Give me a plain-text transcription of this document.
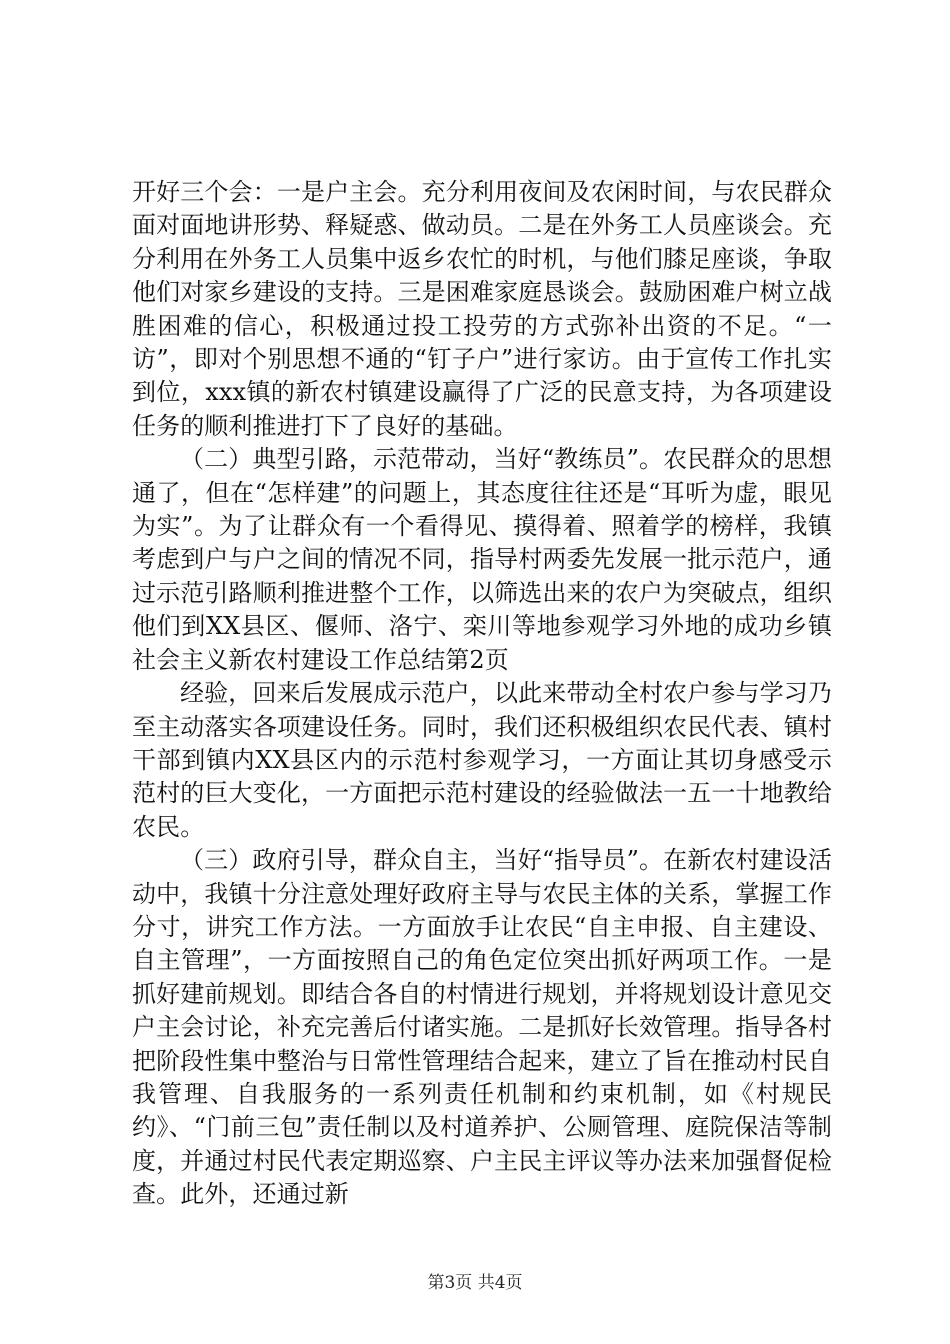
开好三个会：一是户主会。充分利用夜间及农闲时间，与农民群众面对面地讲形势、释疑惑、做动员。二是在外务工人员座谈会。充分利用在外务工人员集中返乡农忙的时机，与他们膝足座谈，争取他们对家乡建设的支持。三是困难家庭恳谈会。鼓励困难户树立战胜困难的信心，积极通过投工投劳的方式弥补出资的不足。“一访”，即对个别思想不通的“钉子户”进行家访。由于宣传工作扎实到位，xxx镇的新农村镇建设赢得了广泛的民意支持，为各项建设任务的顺利推进打下了良好的基础。

（二）典型引路，示范带动，当好“教练员”。农民群众的思想通了，但在“怎样建”的问题上，其态度往往还是“耳听为虚，眼见为实”。为了让群众有一个看得见、摸得着、照着学的榜样，我镇考虑到户与户之间的情况不同，指导村两委先发展一批示范户，通过示范引路顺利推进整个工作，以筛选出来的农户为突破点，组织他们到XX县区、偃师、洛宁、栾川等地参观学习外地的成功乡镇社会主义新农村建设工作总结第2页

经验，回来后发展成示范户，以此来带动全村农户参与学习乃至主动落实各项建设任务。同时，我们还积极组织农民代表、镇村干部到镇内XX县区内的示范村参观学习，一方面让其切身感受示范村的巨大变化，一方面把示范村建设的经验做法一五一十地教给农民。

（三）政府引导，群众自主，当好“指导员”。在新农村建设活动中，我镇十分注意处理好政府主导与农民主体的关系，掌握工作分寸，讲究工作方法。一方面放手让农民“自主申报、自主建设、自主管理”，一方面按照自己的角色定位突出抓好两项工作。一是抓好建前规划。即结合各自的村情进行规划，并将规划设计意见交户主会讨论，补充完善后付诸实施。二是抓好长效管理。指导各村把阶段性集中整治与日常性管理结合起来，建立了旨在推动村民自我管理、自我服务的一系列责任机制和约束机制，如《村规民约》、“门前三包”责任制以及村道养护、公厕管理、庭院保洁等制度，并通过村民代表定期巡察、户主民主评议等办法来加强督促检查。此外，还通过新

第3页 共4页
